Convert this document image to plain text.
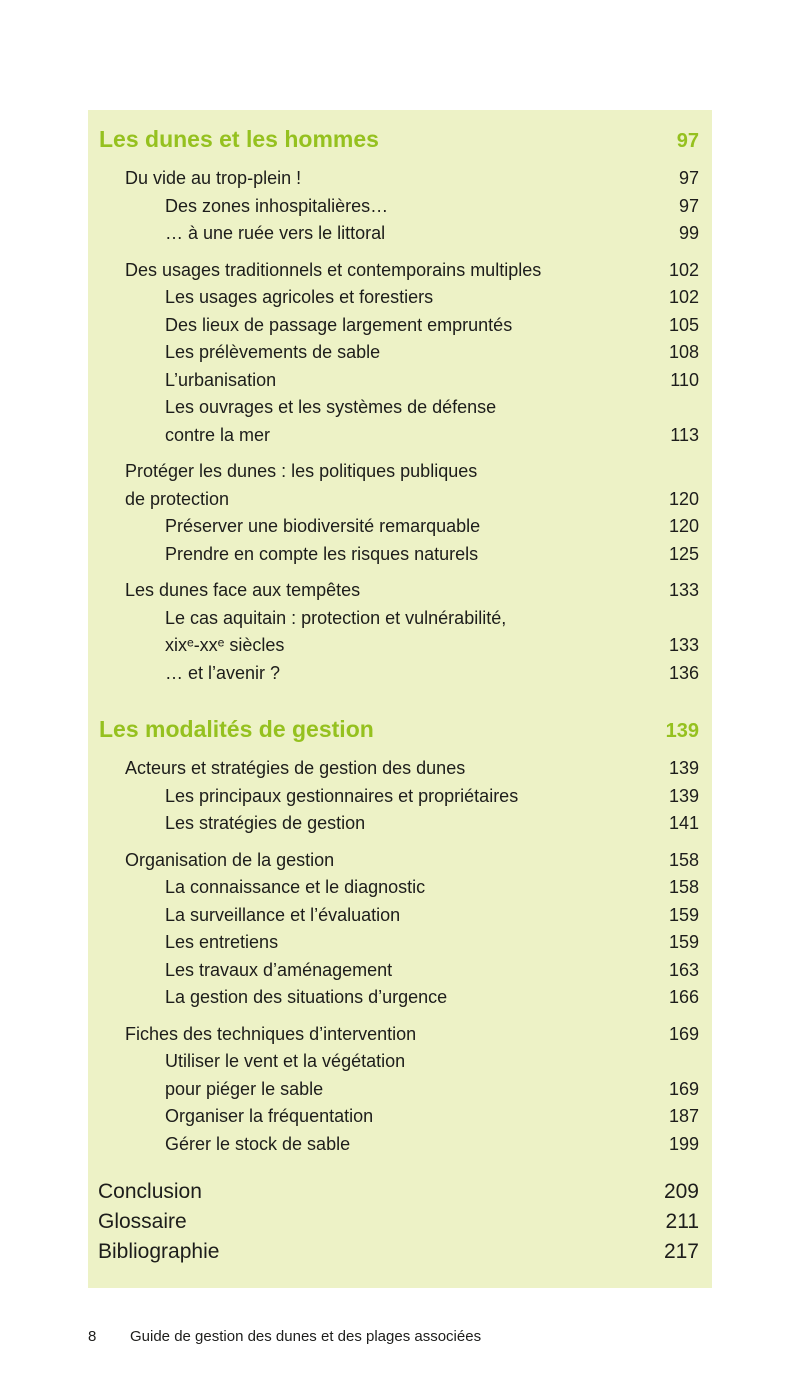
Les dunes et les hommes	97
Du vide au trop-plein !	97
Des zones inhospitalières…	97
… à une ruée vers le littoral	99
Des usages traditionnels et contemporains multiples	102
Les usages agricoles et forestiers	102
Des lieux de passage largement empruntés	105
Les prélèvements de sable	108
L’urbanisation	110
Les ouvrages et les systèmes de défense
contre la mer	113
Protéger les dunes : les politiques publiques
de protection	120
Préserver une biodiversité remarquable	120
Prendre en compte les risques naturels	125
Les dunes face aux tempêtes	133
Le cas aquitain : protection et vulnérabilité,
xixᵉ-xxᵉ siècles	133
… et l’avenir ?	136
Les modalités de gestion	139
Acteurs et stratégies de gestion des dunes	139
Les principaux gestionnaires et propriétaires	139
Les stratégies de gestion	141
Organisation de la gestion	158
La connaissance et le diagnostic	158
La surveillance et l’évaluation	159
Les entretiens	159
Les travaux d’aménagement	163
La gestion des situations d’urgence	166
Fiches des techniques d’intervention	169
Utiliser le vent et la végétation
pour piéger le sable	169
Organiser la fréquentation	187
Gérer le stock de sable	199
Conclusion	209
Glossaire	211
Bibliographie	217
8	Guide de gestion des dunes et des plages associées
